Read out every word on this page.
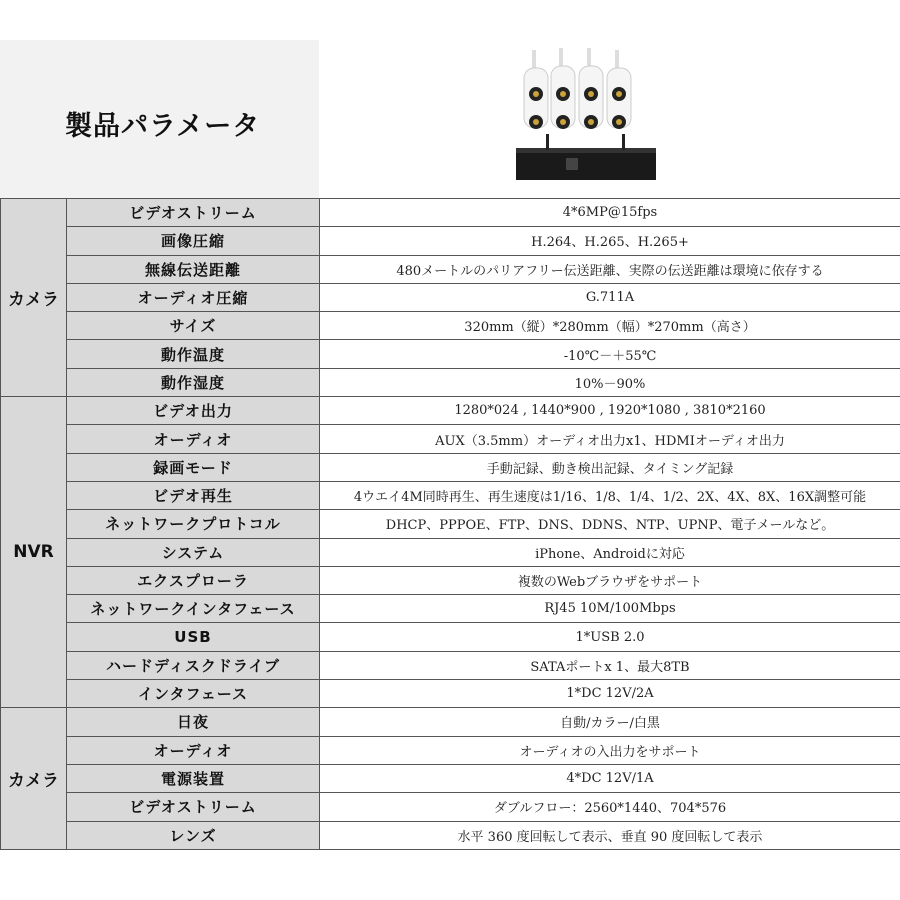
製品パラメータ
カメラ	ビデオストリーム	4*6MP@15fps
	画像圧縮	H.264、H.265、H.265+
	無線伝送距離	480メートルのパリアフリー伝送距離、実際の伝送距離は環境に依存する
	オーディオ圧縮	G.711A
	サイズ	320mm（縦）*280mm（幅）*270mm（高さ）
	動作温度	-10℃－＋55℃
	動作湿度	10%－90%
NVR	ビデオ出力	1280*024 , 1440*900 , 1920*1080 , 3810*2160
	オーディオ	AUX（3.5mm）オーディオ出力x1、HDMIオーディオ出力
	録画モード	手動記録、動き検出記録、タイミング記録
	ビデオ再生	4ウエイ4M同時再生、再生速度は1/16、1/8、1/4、1/2、2X、4X、8X、16X調整可能
	ネットワークプロトコル	DHCP、PPPOE、FTP、DNS、DDNS、NTP、UPNP、電子メールなど。
	システム	iPhone、Androidに対応
	エクスプローラ	複数のWebブラウザをサポート
	ネットワークインタフェース	RJ45 10M/100Mbps
	USB	1*USB 2.0
	ハードディスクドライブ	SATAポートx 1、最大8TB
	インタフェース	1*DC 12V/2A
カメラ	日夜	自動/カラー/白黒
	オーディオ	オーディオの入出力をサポート
	電源装置	4*DC 12V/1A
	ビデオストリーム	ダブルフロー：2560*1440、704*576
	レンズ	水平 360 度回転して表示、垂直 90 度回転して表示
